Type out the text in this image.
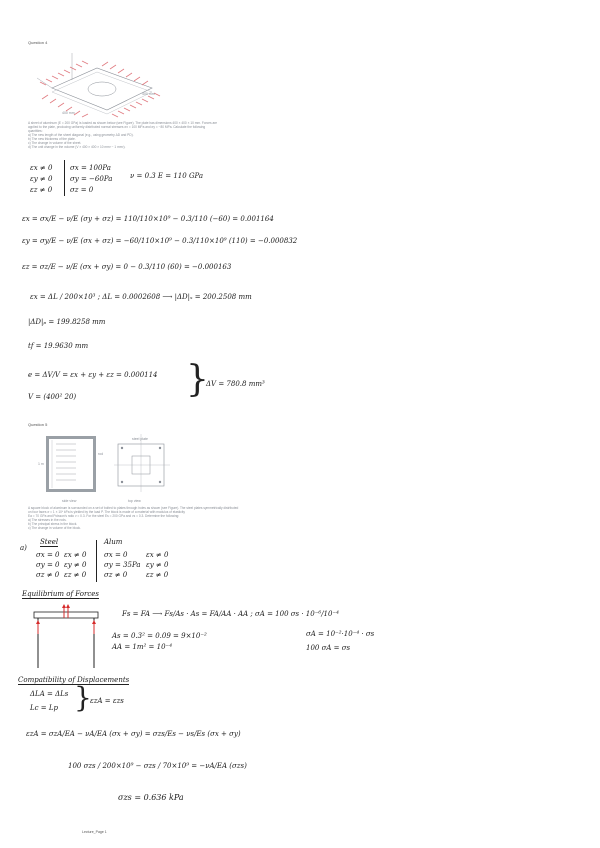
Question 4
400 mm
400 mm
A sheet of aluminum (E = 200 GPa) is loaded as shown below (see Figure). The plate has dimensions 400 × 400 × 10 mm. Forces are
applied to the plate, producing uniformly distributed normal stresses σx = 100 MPa and σy = −80 MPa. Calculate the following
quantities:
a) The new length of the sheet diagonal (e.g., using geometry ΔD and PD).
b) The new thickness of the plate.
c) The change in volume of the sheet.
d) The unit change in the volume (V × 400 × 400 × 10 mm³ − 1 mm³).
εx ≠ 0
εy ≠ 0
εz ≠ 0
σx = 100Pa
σy = −60Pa
σz = 0
ν = 0.3 E = 110 GPa
εx = σx/E − ν/E (σy + σz) = 110/110×10⁹ − 0.3/110 (−60) = 0.001164
εy = σy/E − ν/E (σx + σz) = −60/110×10⁹ − 0.3/110×10⁹ (110) = −0.000832
εz = σz/E − ν/E (σx + σy) = 0 − 0.3/110 (60) = −0.000163
εx = ΔL / 200×10³ ; ΔL = 0.0002608 ⟶ |ΔD|ₓ = 200.2508 mm
|ΔD|ₚ = 199.8258 mm
tf = 19.9630 mm
e = ΔV/V = εx + εy + εz = 0.000114
V = (400² 20)	}
ΔV = 780.8 mm³
Question 5
steel plate
rod
1 m
side view	top view
A square block of aluminum is surrounded on a set of bolted to plates through holes as shown (see Figure). The steel plates symmetrically distributed
on four faces σ = 1 × 10⁶ kPa is yielded by the load P. The block is made of a material with modulus of elasticity
Ea = 70 GPa and Poisson's ratio ν = 0.3. For the steel Es = 200 GPa and νs = 0.3. Determine the following:
a) The stresses in the rods.
b) The principal stress in the block.
c) The change in volume of the block.
a)
Steel
σx = 0
σy = 0
σz ≠ 0
εx ≠ 0
εy ≠ 0
εz ≠ 0
Alum
σx = 0
σy = 35Pa
σz ≠ 0
εx ≠ 0
εy ≠ 0
εz ≠ 0
Equilibrium of Forces
Fs = FA ⟶ Fs/As · As = FA/AA · AA ; σA = 100 σs · 10⁻⁶/10⁻⁴
As = 0.3² = 0.09 = 9×10⁻²
AA = 1m² = 10⁻⁴
σA = 10⁻²·10⁻⁴ · σs
100 σA = σs
Compatibility of Displacements
ΔLA = ΔLs
Lc = Lp }
εzA = εzs
εzA = σzA/EA − νA/EA (σx + σy) = σzs/Es − νs/Es (σx + σy)
100 σzs / 200×10⁹ − σzs / 70×10⁹ = −νA/EA (σzs)
σzs = 0.636 kPa
Lecture_Page 1
